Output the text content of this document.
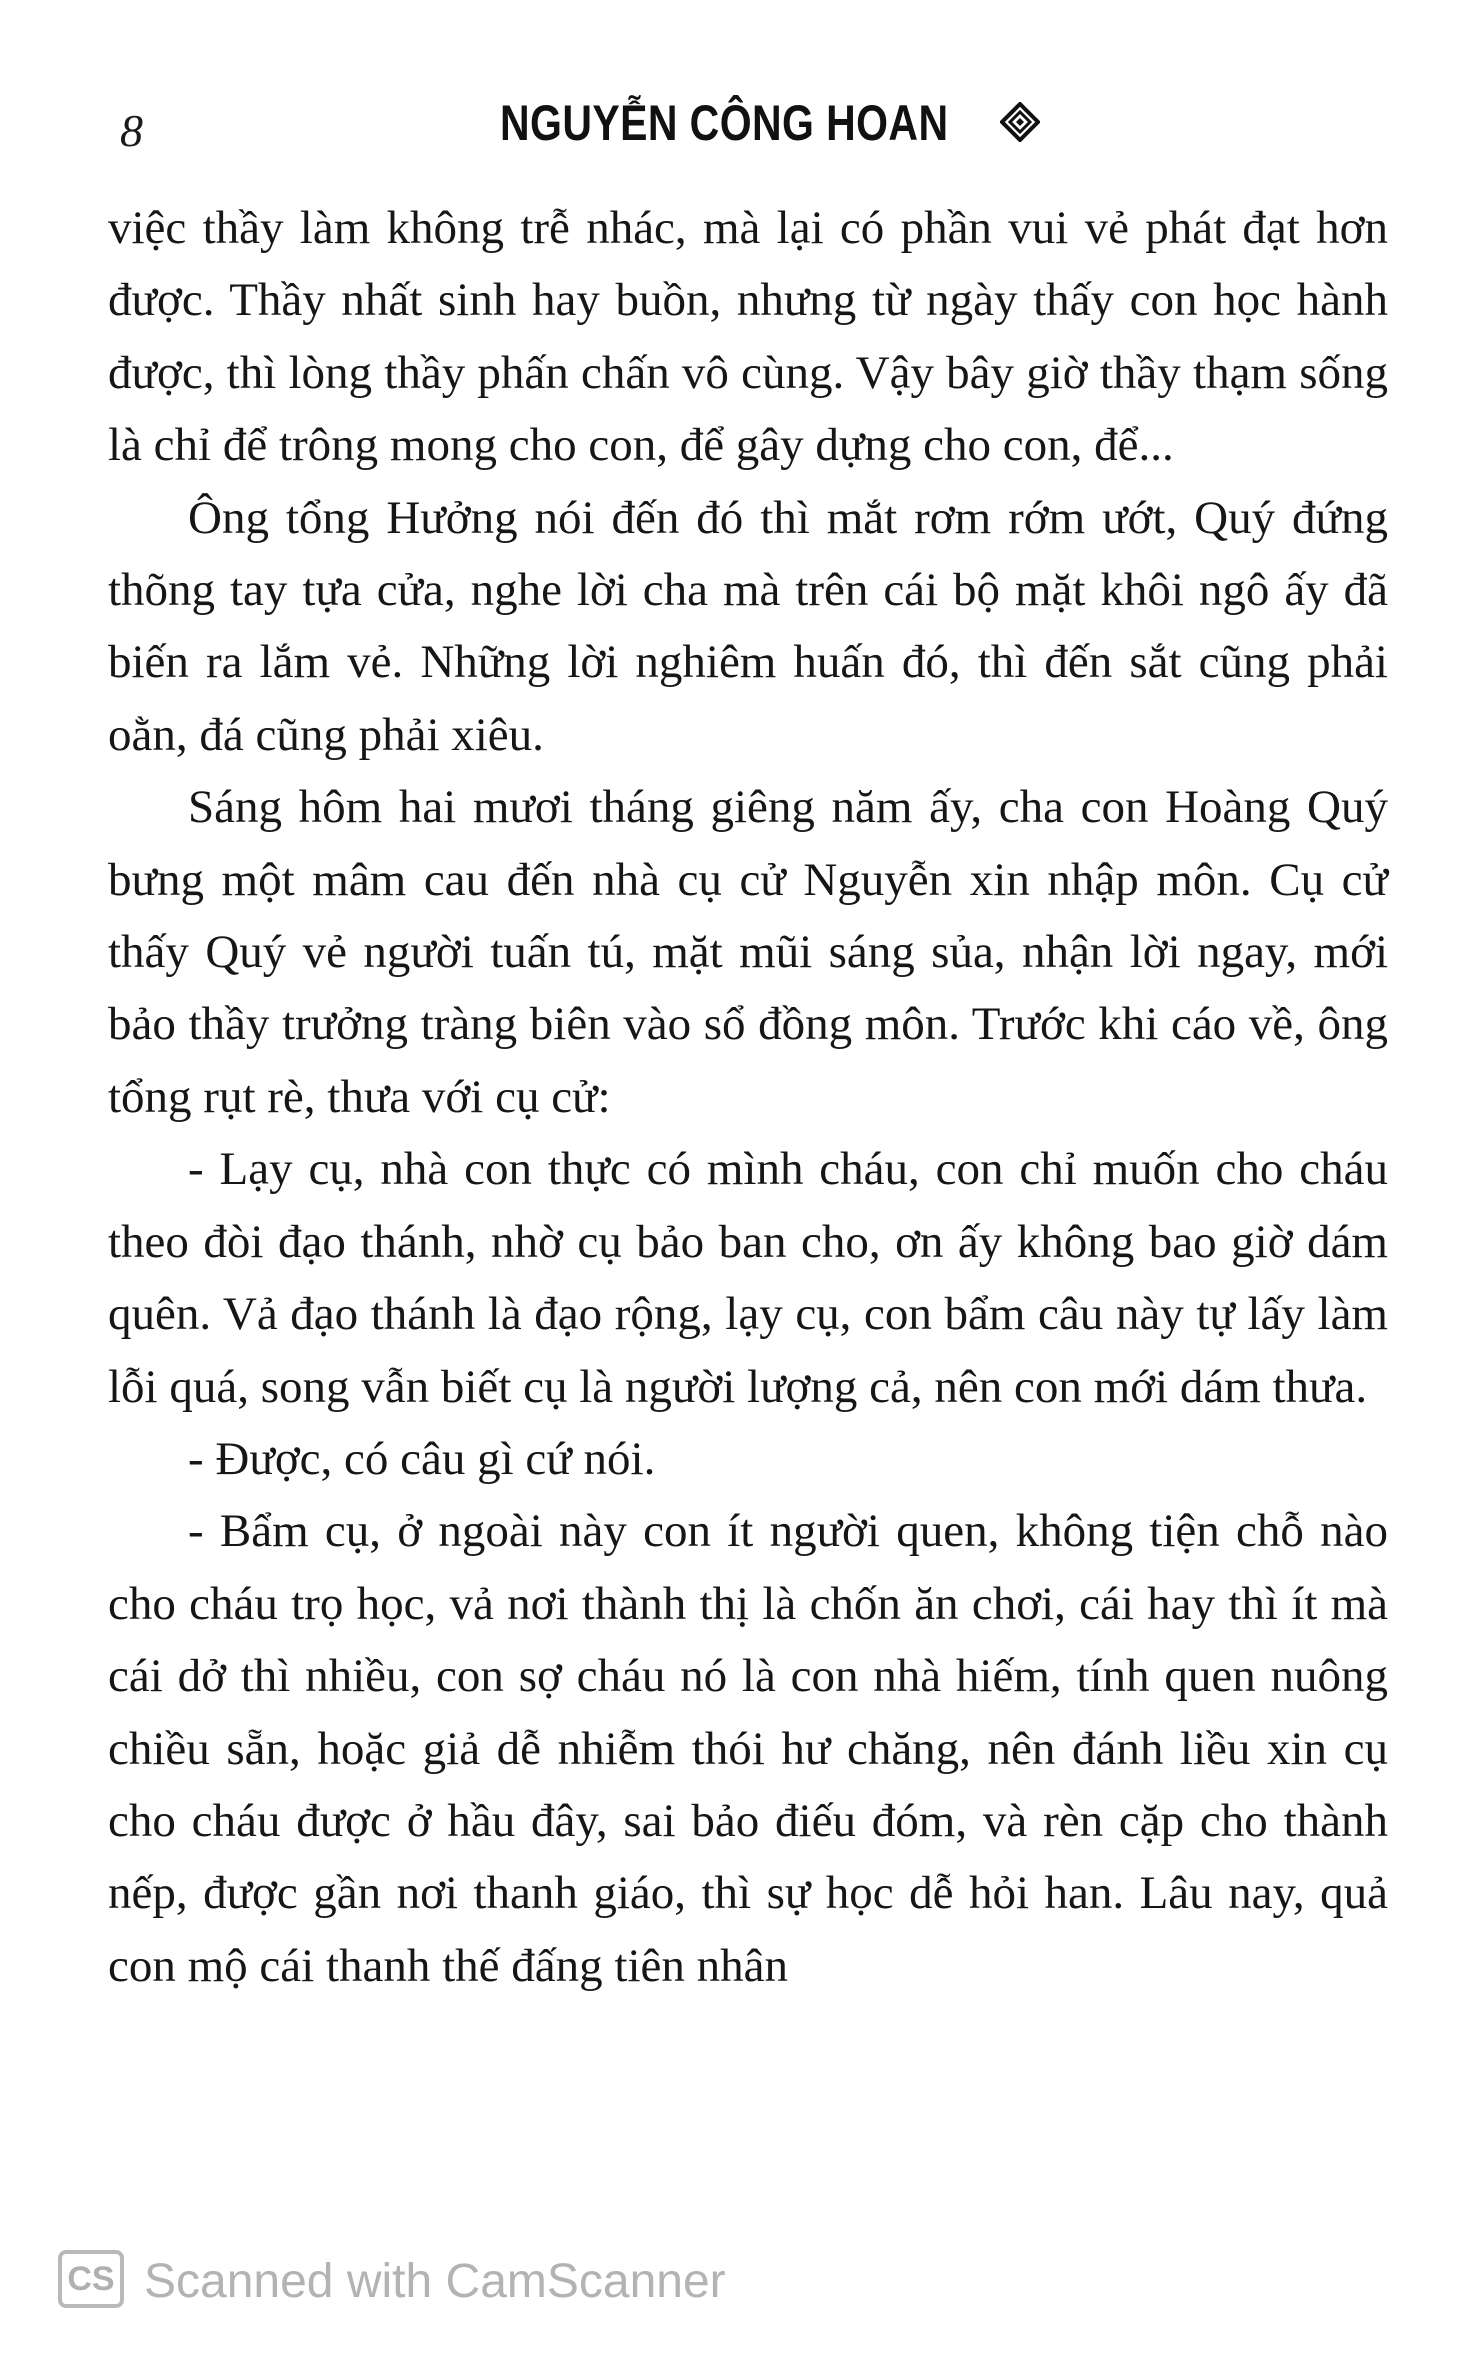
8	NGUYỄN CÔNG HOAN

việc thầy làm không trễ nhác, mà lại có phần vui vẻ phát đạt hơn được. Thầy nhất sinh hay buồn, nhưng từ ngày thấy con học hành được, thì lòng thầy phấn chấn vô cùng. Vậy bây giờ thầy thạm sống là chỉ để trông mong cho con, để gây dựng cho con, để...

Ông tổng Hưởng nói đến đó thì mắt rơm rớm ướt, Quý đứng thõng tay tựa cửa, nghe lời cha mà trên cái bộ mặt khôi ngô ấy đã biến ra lắm vẻ. Những lời nghiêm huấn đó, thì đến sắt cũng phải oằn, đá cũng phải xiêu.

Sáng hôm hai mươi tháng giêng năm ấy, cha con Hoàng Quý bưng một mâm cau đến nhà cụ cử Nguyễn xin nhập môn. Cụ cử thấy Quý vẻ người tuấn tú, mặt mũi sáng sủa, nhận lời ngay, mới bảo thầy trưởng tràng biên vào sổ đồng môn. Trước khi cáo về, ông tổng rụt rè, thưa với cụ cử:

- Lạy cụ, nhà con thực có mình cháu, con chỉ muốn cho cháu theo đòi đạo thánh, nhờ cụ bảo ban cho, ơn ấy không bao giờ dám quên. Vả đạo thánh là đạo rộng, lạy cụ, con bẩm câu này tự lấy làm lỗi quá, song vẫn biết cụ là người lượng cả, nên con mới dám thưa.

- Được, có câu gì cứ nói.

- Bẩm cụ, ở ngoài này con ít người quen, không tiện chỗ nào cho cháu trọ học, vả nơi thành thị là chốn ăn chơi, cái hay thì ít mà cái dở thì nhiều, con sợ cháu nó là con nhà hiếm, tính quen nuông chiều sẵn, hoặc giả dễ nhiễm thói hư chăng, nên đánh liều xin cụ cho cháu được ở hầu đây, sai bảo điếu đóm, và rèn cặp cho thành nếp, được gần nơi thanh giáo, thì sự học dễ hỏi han. Lâu nay, quả con mộ cái thanh thế đấng tiên nhân

CS Scanned with CamScanner
